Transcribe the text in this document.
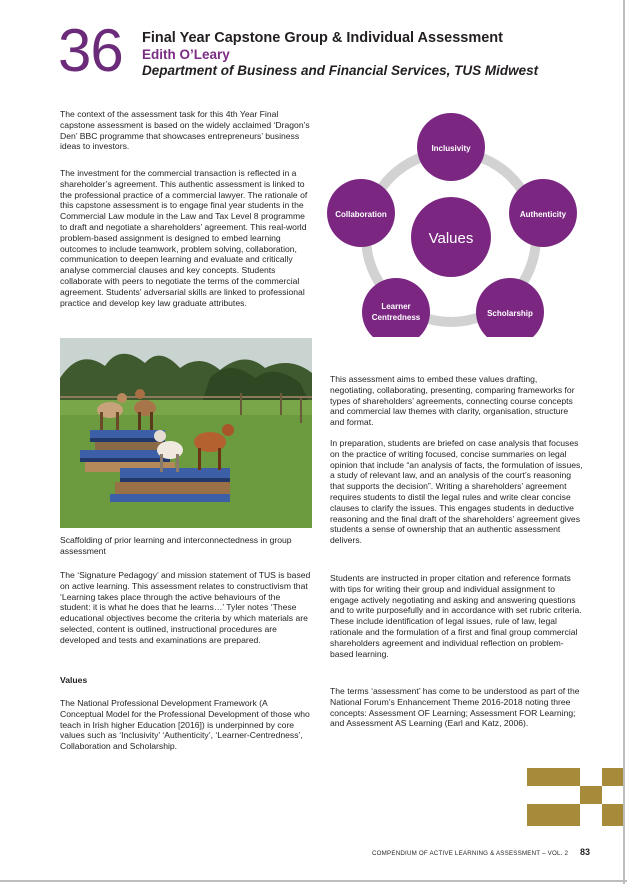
36 Final Year Capstone Group & Individual Assessment
Edith O’Leary
Department of Business and Financial Services, TUS Midwest

The context of the assessment task for this 4th Year Final capstone assessment is based on the widely acclaimed ‘Dragon’s Den’ BBC programme that showcases entrepreneurs’ business ideas to investors.

The investment for the commercial transaction is reflected in a shareholder’s agreement. This authentic assessment is linked to the professional practice of a commercial lawyer. The rationale of this capstone assessment is to engage final year students in the Commercial Law module in the Law and Tax Level 8 programme to draft and negotiate a shareholders’ agreement. This real-world problem-based assignment is designed to embed learning outcomes to include teamwork, problem solving, collaboration, communication to deepen learning and evaluate and critically analyse commercial clauses and key concepts. Students collaborate with peers to negotiate the terms of the commercial agreement. Students’ adversarial skills are linked to professional practice and develop key law graduate attributes.

Scaffolding of prior learning and interconnectedness in group assessment

The ‘Signature Pedagogy’ and mission statement of TUS is based on active learning. This assessment relates to constructivism that ‘Learning takes place through the active behaviours of the student: it is what he does that he learns…’ Tyler notes ‘These educational objectives become the criteria by which materials are selected, content is outlined, instructional procedures are developed and tests and examinations are prepared.

Values

The National Professional Development Framework (A Conceptual Model for the Professional Development of those who teach in Irish higher Education [2016]) is underpinned by core values such as ‘Inclusivity’ ‘Authenticity’, ‘Learner-Centredness’, Collaboration and Scholarship.

Values
Inclusivity
Authenticity
Scholarship
Learner
Centredness
Collaboration

This assessment aims to embed these values drafting, negotiating, collaborating, presenting, comparing frameworks for types of shareholders’ agreements, connecting course concepts and commercial law themes with clarity, organisation, structure and format.

In preparation, students are briefed on case analysis that focuses on the practice of writing focused, concise summaries on legal opinion that include “an analysis of facts, the formulation of issues, a study of relevant law, and an analysis of the court’s reasoning that supports the decision”. Writing a shareholders’ agreement requires students to distil the legal rules and write clear concise clauses to clarify the issues. This engages students in deductive reasoning and the final draft of the shareholders’ agreement gives students a sense of ownership that an authentic assessment delivers.

Students are instructed in proper citation and reference formats with tips for writing their group and individual assignment to engage actively negotiating and asking and answering questions and to write purposefully and in accordance with set rubric criteria. These include identification of legal issues, rule of law, legal rationale and the formulation of a first and final group commercial shareholders agreement and individual reflection on problem-based learning.

The terms ‘assessment’ has come to be understood as part of the National Forum’s Enhancement Theme 2016-2018 noting three concepts: Assessment OF Learning; Assessment FOR Learning; and Assessment AS Learning (Earl and Katz, 2006).

COMPENDIUM OF ACTIVE LEARNING & ASSESSMENT – VOL. 2 83
